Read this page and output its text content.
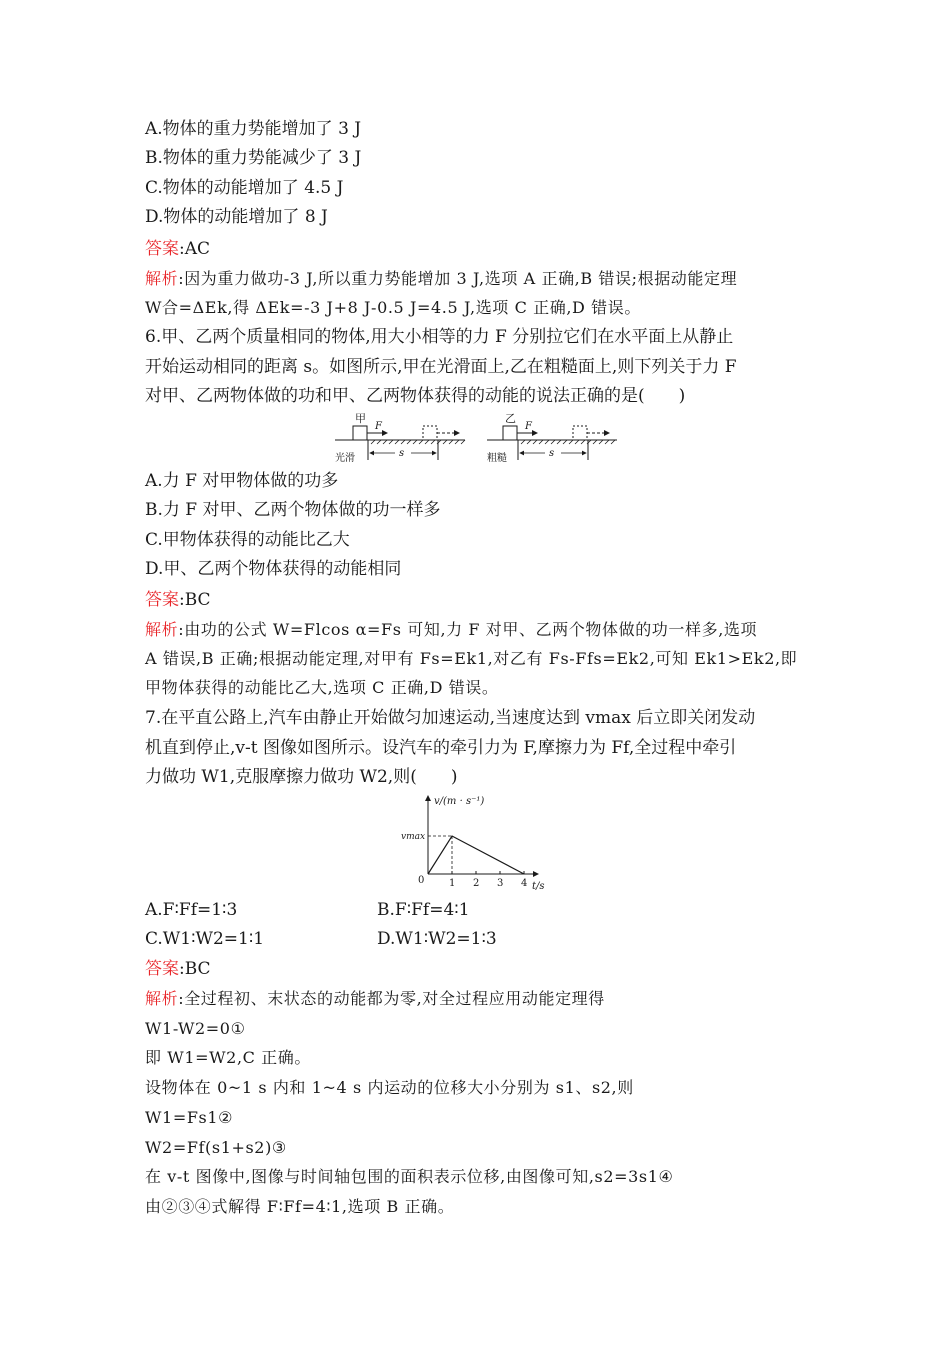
A.物体的重力势能增加了 3 J
B.物体的重力势能减少了 3 J
C.物体的动能增加了 4.5 J
D.物体的动能增加了 8 J
答案:AC
解析:因为重力做功-3 J,所以重力势能增加 3 J,选项 A 正确,B 错误;根据动能定理
W合=ΔEk,得 ΔEk=-3 J+8 J-0.5 J=4.5 J,选项 C 正确,D 错误。
6.甲、乙两个质量相同的物体,用大小相等的力 F 分别拉它们在水平面上从静止
开始运动相同的距离 s。如图所示,甲在光滑面上,乙在粗糙面上,则下列关于力 F
对甲、乙两物体做的功和甲、乙两物体获得的动能的说法正确的是(　　)
甲
F
s
光滑
乙
F
s
粗糙
A.力 F 对甲物体做的功多
B.力 F 对甲、乙两个物体做的功一样多
C.甲物体获得的动能比乙大
D.甲、乙两个物体获得的动能相同
答案:BC
解析:由功的公式 W=Flcos α=Fs 可知,力 F 对甲、乙两个物体做的功一样多,选项
A 错误,B 正确;根据动能定理,对甲有 Fs=Ek1,对乙有 Fs-Ffs=Ek2,可知 Ek1>Ek2,即
甲物体获得的动能比乙大,选项 C 正确,D 错误。
7.在平直公路上,汽车由静止开始做匀加速运动,当速度达到 vmax 后立即关闭发动
机直到停止,v-t 图像如图所示。设汽车的牵引力为 F,摩擦力为 Ff,全过程中牵引
力做功 W1,克服摩擦力做功 W2,则(　　)
v/(m · s⁻¹)
t/s
0
vmax
1 2 3 4
A.F∶Ff=1∶3	B.F∶Ff=4∶1
C.W1∶W2=1∶1	D.W1∶W2=1∶3
答案:BC
解析:全过程初、末状态的动能都为零,对全过程应用动能定理得
W1-W2=0①
即 W1=W2,C 正确。
设物体在 0~1 s 内和 1~4 s 内运动的位移大小分别为 s1、s2,则
W1=Fs1②
W2=Ff(s1+s2)③
在 v-t 图像中,图像与时间轴包围的面积表示位移,由图像可知,s2=3s1④
由②③④式解得 F∶Ff=4∶1,选项 B 正确。
